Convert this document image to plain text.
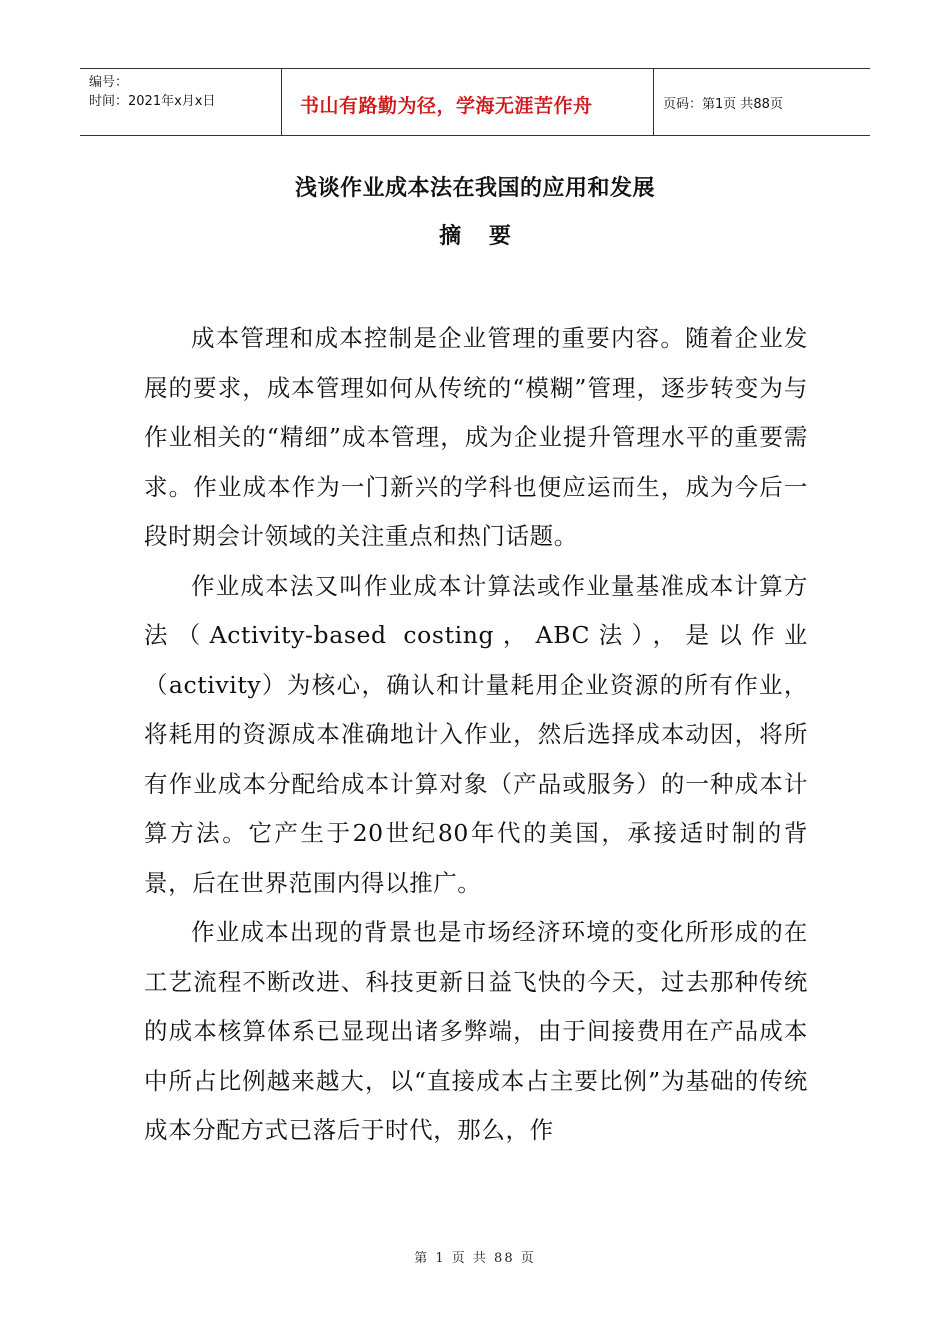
编号：
时间：2021年x月x日	书山有路勤为径，学海无涯苦作舟	页码：第1页 共88页
浅谈作业成本法在我国的应用和发展
摘 要

成本管理和成本控制是企业管理的重要内容。随着企业发展的要求，成本管理如何从传统的“模糊”管理，逐步转变为与作业相关的“精细”成本管理，成为企业提升管理水平的重要需求。作业成本作为一门新兴的学科也便应运而生，成为今后一段时期会计领域的关注重点和热门话题。

作业成本法又叫作业成本计算法或作业量基准成本计算方法（Activity-based costing，ABC法），是以作业（activity）为核心，确认和计量耗用企业资源的所有作业，将耗用的资源成本准确地计入作业，然后选择成本动因，将所有作业成本分配给成本计算对象（产品或服务）的一种成本计算方法。它产生于20世纪80年代的美国，承接适时制的背景，后在世界范围内得以推广。

作业成本出现的背景也是市场经济环境的变化所形成的在工艺流程不断改进、科技更新日益飞快的今天，过去那种传统的成本核算体系已显现出诸多弊端，由于间接费用在产品成本中所占比例越来越大，以“直接成本占主要比例”为基础的传统成本分配方式已落后于时代，那么，作

第 1 页 共 88 页
